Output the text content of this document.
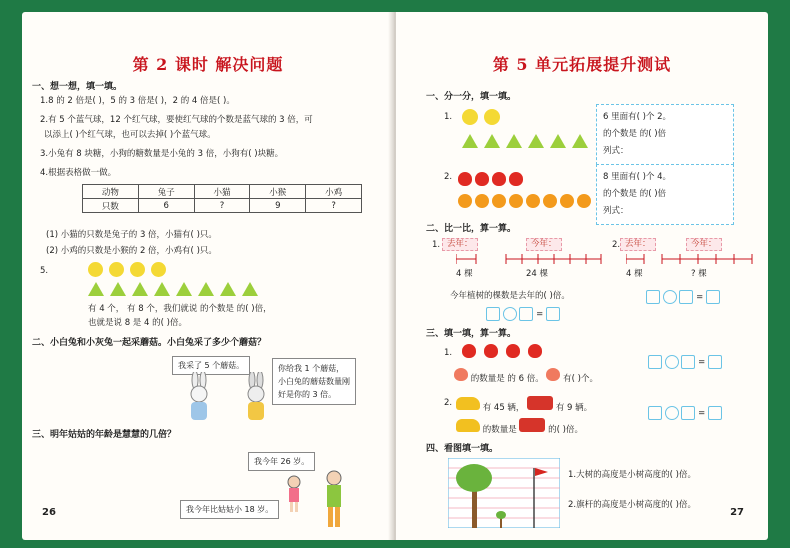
第 2 课时 解决问题
一、想一想，填一填。
1.8 的 2 倍是( )，5 的 3 倍是( )，2 的 4 倍是( )。
2.有 5 个蓝气球，12 个红气球，要使红气球的个数是蓝气球的 3 倍，可
以添上( )个红气球，也可以去掉( )个蓝气球。
3.小兔有 8 块糖，小狗的糖数量是小兔的 3 倍，小狗有( )块糖。
4.根据表格做一做。
动物	兔子	小猫	小猴	小鸡
只数	6	?	9	?
(1) 小猫的只数是兔子的 3 倍，小猫有( )只。
(2) 小鸡的只数是小猴的 2 倍，小鸡有( )只。
5.
有 4 个， 有 8 个，我们就说 的个数是 的( )倍，
也就是说 8 是 4 的( )倍。
二、小白兔和小灰兔一起采蘑菇。小白兔采了多少个蘑菇？
我采了 5 个蘑菇。	你给我 1 个蘑菇，
小白兔的蘑菇数量刚
好是你的 3 倍。
三、明年姑姑的年龄是慧慧的几倍？
我今年 26 岁。
我今年比姑姑小 18 岁。
26
第 5 单元拓展提升测试
一、分一分，填一填。
1.	6 里面有( )个 2。
的个数是 的( )倍
列式：
2.	8 里面有( )个 4。
的个数是 的( )倍
列式：
二、比一比，算一算。
1. 去年：	今年：
4 棵	24 棵
2. 去年：	今年：
4 棵	? 棵
今年植树的棵数是去年的( )倍。
=
=
三、填一填，算一算。
1.
的数量是 的 6 倍。 有( )个。
=
2.	有 45 辆，	有 9 辆。
的数量是	的( )倍。
=
四、看图填一填。
1.大树的高度是小树高度的( )倍。
2.旗杆的高度是小树高度的( )倍。
27
